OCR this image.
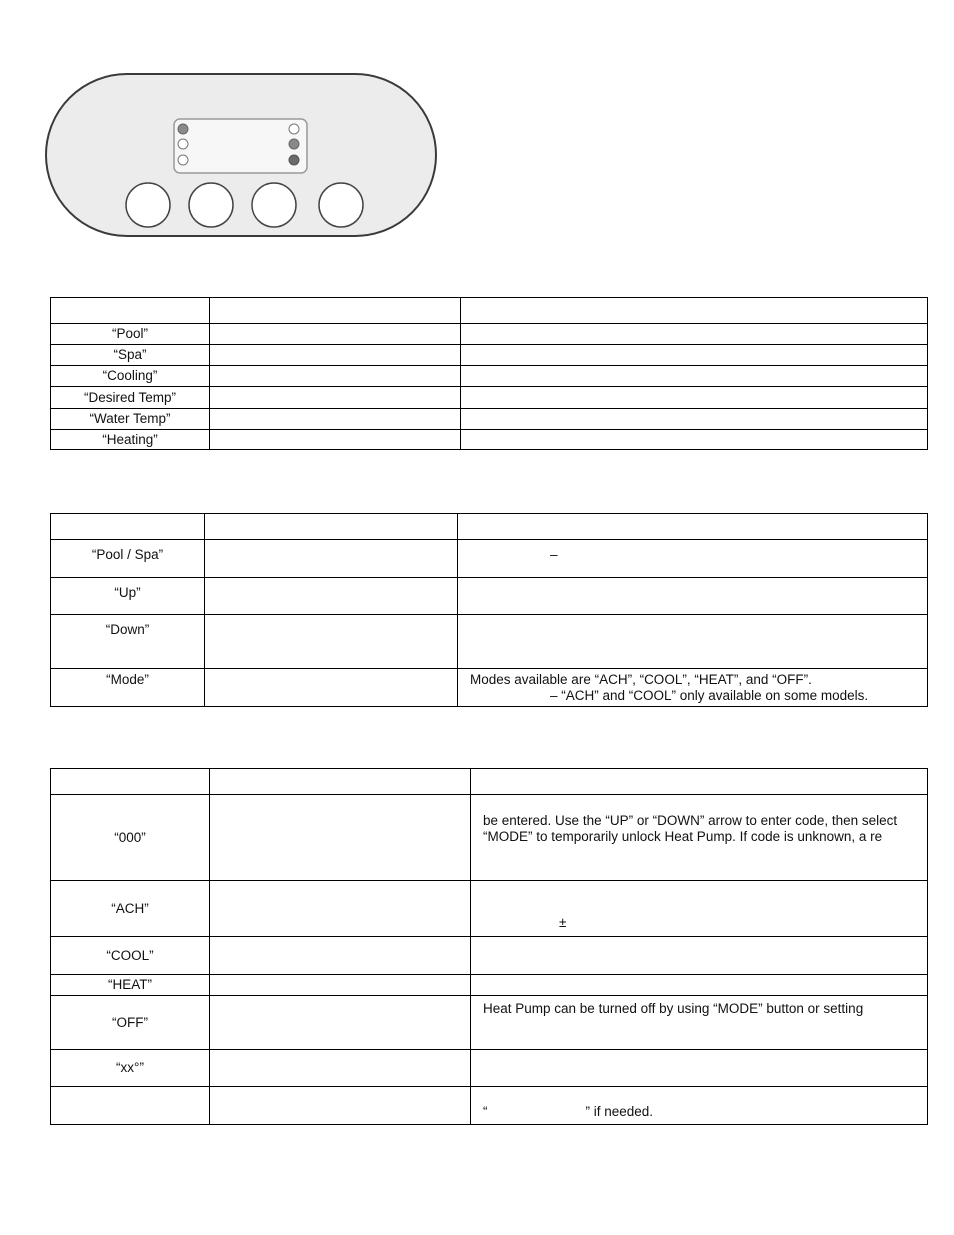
“Pool”		
“Spa”		
“Cooling”		
“Desired Temp”		
“Water Temp”		
“Heating”		

“Pool / Spa”		–

“Up”		
“Down”		
“Mode”		Modes available are “ACH”, “COOL”, “HEAT”, and “OFF”.
– “ACH” and “COOL” only available on some models.

“000”		be entered. Use the “UP” or “DOWN” arrow to enter code, then select
“MODE” to temporarily unlock Heat Pump. If code is unknown, a re

“ACH”		±

“COOL”		
“HEAT”		
“OFF”		Heat Pump can be turned off by using “MODE” button or setting
“xx°”		
		“ ” if needed.
